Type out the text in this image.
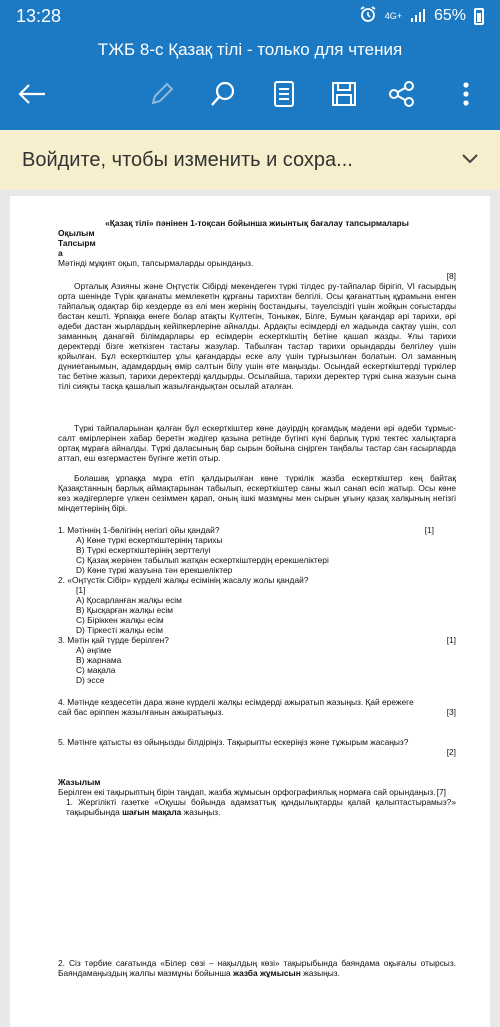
13:28	4G+ 65%
ТЖБ 8-с Қазақ тілі - только для чтения
Войдите, чтобы изменить и сохра...

«Қазақ тілі» пәнінен 1-тоқсан бойынша жиынтық бағалау тапсырмалары

Оқылым

Тапсырм

а

Мәтінді мұқият оқып, тапсырмаларды орындаңыз.

[8]

Орталық Азияны және Оңтүстік Сібірді мекендеген түркі тілдес ру-тайпалар бірігіп, VI ғасырдың орта шенінде Түрік қағанаты мемлекетін құрғаны тарихтан белгілі. Осы қағанаттың құрамына енген тайпалық одақтар бір кездерде өз елі мен жерінің бостандығы, тәуелсіздігі үшін жойқын соғыстарды бастан кешті. Ұрпаққа өнеге болар атақты Күлтегін, Тоныкөк, Білге, Бумын қағандар әрі тарихи, әрі әдеби дастан жырлардың кейіпкерлеріне айналды. Ардақты есімдерді ел жадында сақтау үшін, сол заманның данагөй білімдарлары ер есімдерін ескерткіштің бетіне қашап жазды. Ұлы тарихи деректерді бізге жеткізген тастағы жазулар. Табылған тастар тарихи орындарды белгілеу үшін қойылған. Бұл ескерткіштер ұлы қағандарды еске алу үшін тұрғызылған болатын. Ол заманның дүниетанымын, адамдардың өмір салтын білу үшін өте маңызды. Осындай ескерткіштерді түркілер тас бетіне жазып, тарихи деректерді қалдырды. Осылайша, тарихи деректер түркі сына жазуын сына тілі сияқты тасқа қашалып жазылғандықтан осылай аталған.

Түркі тайпаларынан қалған бұл ескерткіштер көне дәуірдің қоғамдық мәдени әрі әдеби тұрмыс-салт өмірлерінен хабар беретін жәдігер қазына ретінде бүгінгі күні барлық түркі тектес халықтарға ортақ мұраға айналды. Түркі даласының бар сырын бойына сіңірген таңбалы тастар сан ғасырларда аттап, еш өзгермастен бүгінге жетіп отыр.

Болашақ ұрпаққа мұра етіп қалдырылған көне түркілік жазба ескерткіштер кең байтақ Қазақстанның барлық аймақтарынан табылып, ескерткіштер саны жыл санап өсіп жатыр. Осы көне көз жәдігерлерге үлкен сезіммен қарап, оның ішкі мазмұны мен сырын ұғыну қазақ халқының негізгі міндеттерінің бірі.

1. Мәтіннің 1-бөлігінің негізгі ойы қандай?	[1]

A) Көне түркі ескерткіштерінің тарихы

B) Түркі ескерткіштерінің зерттелуі

C) Қазақ жерінен табылып жатқан ескерткіштердің ерекшеліктері

D) Көне түркі жазуына тән ерекшеліктер

2. «Оңтүстік Сібір» күрделі жалқы есімінің жасалу жолы қандай?

[1]

A) Қосарланған жалқы есім

B) Қысқарған жалқы есім

C) Біріккен жалқы есім

D) Тіркесті жалқы есім

3. Мәтін қай түрде берілген?	[1]

A) әңгіме

B) жарнама

C) мақала

D) эссе

4. Мәтінде кездесетін дара және күрделі жалқы есімдерді ажыратып жазыңыз. Қай ережеге сай бас әріппен жазылғанын ажыратыңыз.	[3]

5. Мәтінге қатысты өз ойыңызды білдіріңіз. Тақырыпты ескеріңіз және тұжырым жасаңыз?

[2]

Жазылым

Берілген екі тақырыптың бірін таңдап, жазба жұмысын орфографиялық нормаға сай орындаңыз. [7]

1. Жергілікті газетке «Оқушы бойында адамзаттық құндылықтарды қалай қалыптастырамыз?» тақырыбында шағын мақала жазыңыз.

2. Сіз тәрбие сағатында «Білер сөзі – нақылдың көзі» тақырыбында баяндама оқығалы отырсыз. Баяндамаңыздың жалпы мазмұны бойынша жазба жұмысын жазыңыз.
